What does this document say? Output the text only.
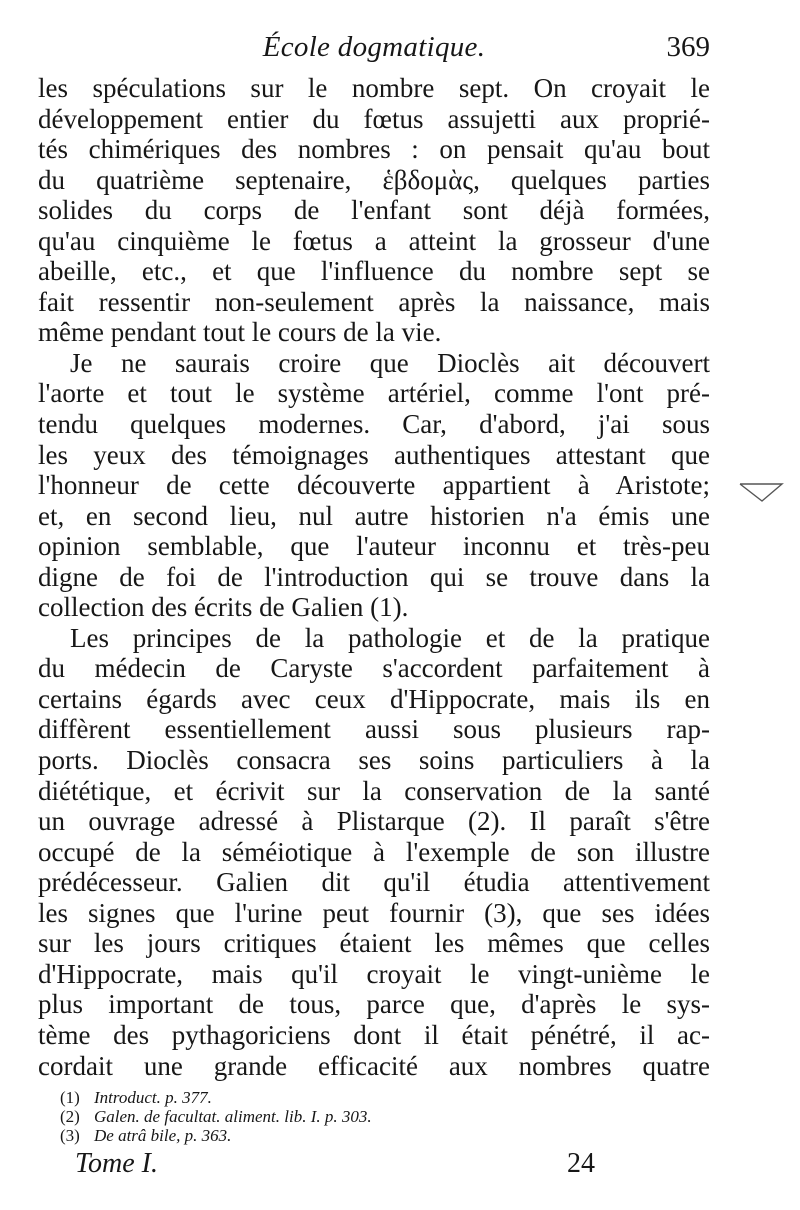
École dogmatique.	369
les spéculations sur le nombre sept. On croyait le
développement entier du fœtus assujetti aux proprié-
tés chimériques des nombres : on pensait qu'au bout
du quatrième septenaire, ἑβδομὰς, quelques parties
solides du corps de l'enfant sont déjà formées,
qu'au cinquième le fœtus a atteint la grosseur d'une
abeille, etc., et que l'influence du nombre sept se
fait ressentir non-seulement après la naissance, mais
même pendant tout le cours de la vie.
Je ne saurais croire que Dioclès ait découvert
l'aorte et tout le système artériel, comme l'ont pré-
tendu quelques modernes. Car, d'abord, j'ai sous
les yeux des témoignages authentiques attestant que
l'honneur de cette découverte appartient à Aristote;
et, en second lieu, nul autre historien n'a émis une
opinion semblable, que l'auteur inconnu et très-peu
digne de foi de l'introduction qui se trouve dans la
collection des écrits de Galien (1).
Les principes de la pathologie et de la pratique
du médecin de Caryste s'accordent parfaitement à
certains égards avec ceux d'Hippocrate, mais ils en
diffèrent essentiellement aussi sous plusieurs rap-
ports. Dioclès consacra ses soins particuliers à la
diététique, et écrivit sur la conservation de la santé
un ouvrage adressé à Plistarque (2). Il paraît s'être
occupé de la séméiotique à l'exemple de son illustre
prédécesseur. Galien dit qu'il étudia attentivement
les signes que l'urine peut fournir (3), que ses idées
sur les jours critiques étaient les mêmes que celles
d'Hippocrate, mais qu'il croyait le vingt-unième le
plus important de tous, parce que, d'après le sys-
tème des pythagoriciens dont il était pénétré, il ac-
cordait une grande efficacité aux nombres quatre
(1) Introduct. p. 377.
(2) Galen. de facultat. aliment. lib. I. p. 303.
(3) De atrâ bile, p. 363.
Tome I.	24
